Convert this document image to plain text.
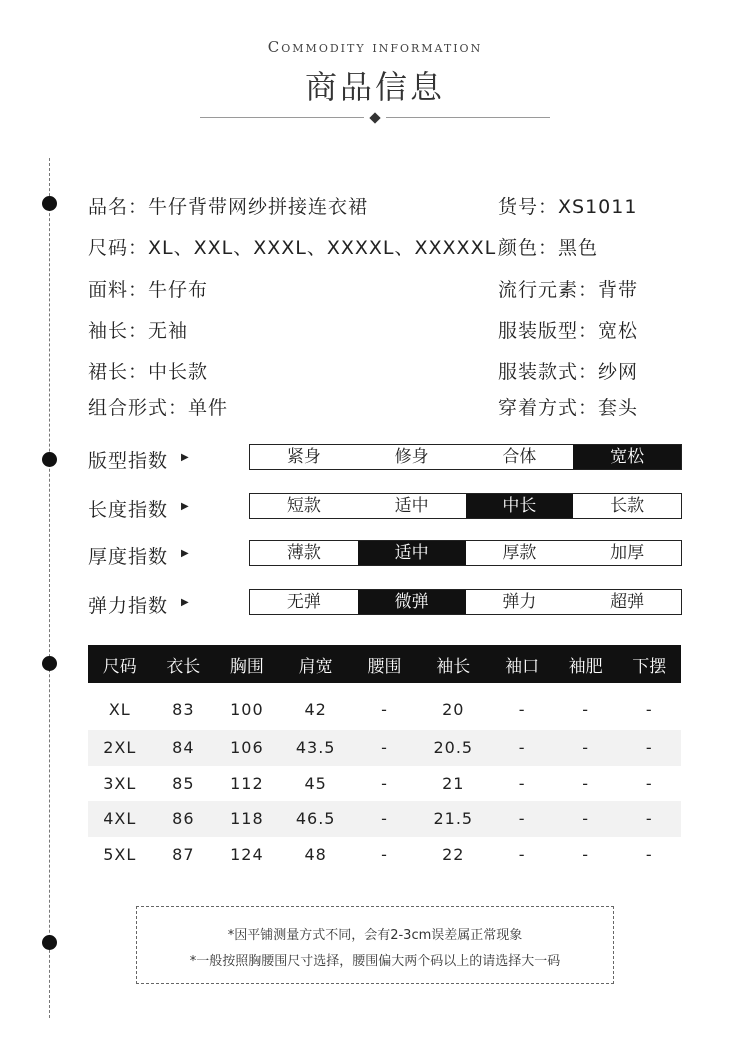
Commodity information
商品信息
品名：牛仔背带网纱拼接连衣裙	货号：XS1011
尺码：XL、XXL、XXXL、XXXXL、XXXXXL 颜色：黑色
面料：牛仔布	流行元素：背带
袖长：无袖	服装版型：宽松
裙长：中长款	服装款式：纱网
组合形式：单件	穿着方式：套头
版型指数 ▶	紧身	修身	合体	宽松
长度指数 ▶	短款	适中	中长	长款
厚度指数 ▶	薄款	适中	厚款	加厚
弹力指数 ▶	无弹	微弹	弹力	超弹
尺码	衣长	胸围	肩宽	腰围	袖长	袖口	袖肥	下摆
XL	83	100	42	-	20	-	-	-
2XL	84	106	43.5	-	20.5	-	-	-
3XL	85	112	45	-	21	-	-	-
4XL	86	118	46.5	-	21.5	-	-	-
5XL	87	124	48	-	22	-	-	-
*因平铺测量方式不同，会有2-3cm误差属正常现象
*一般按照胸腰围尺寸选择，腰围偏大两个码以上的请选择大一码
